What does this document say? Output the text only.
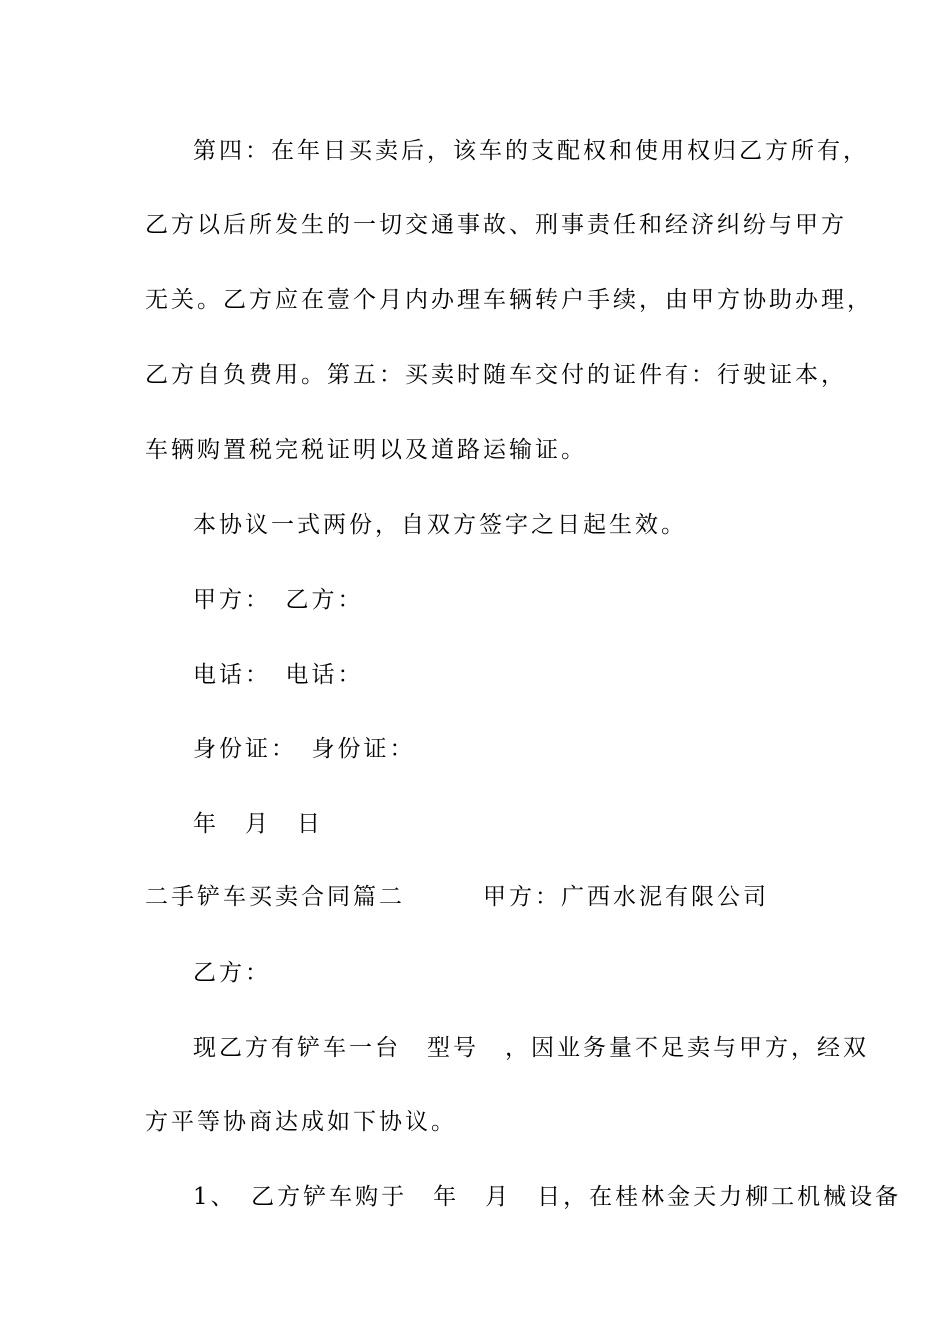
第四：在年日买卖后，该车的支配权和使用权归乙方所有，

乙方以后所发生的一切交通事故、刑事责任和经济纠纷与甲方

无关。乙方应在壹个月内办理车辆转户手续，由甲方协助办理，

乙方自负费用。第五：买卖时随车交付的证件有：行驶证本，

车辆购置税完税证明以及道路运输证。

本协议一式两份，自双方签字之日起生效。

甲方：　乙方：

电话：　电话：

身份证：　身份证：

年　月　日

二手铲车买卖合同篇二　　　甲方：广西水泥有限公司

乙方：

现乙方有铲车一台　型号　，因业务量不足卖与甲方，经双

方平等协商达成如下协议。

1、　乙方铲车购于　年　月　日，在桂林金天力柳工机械设备
